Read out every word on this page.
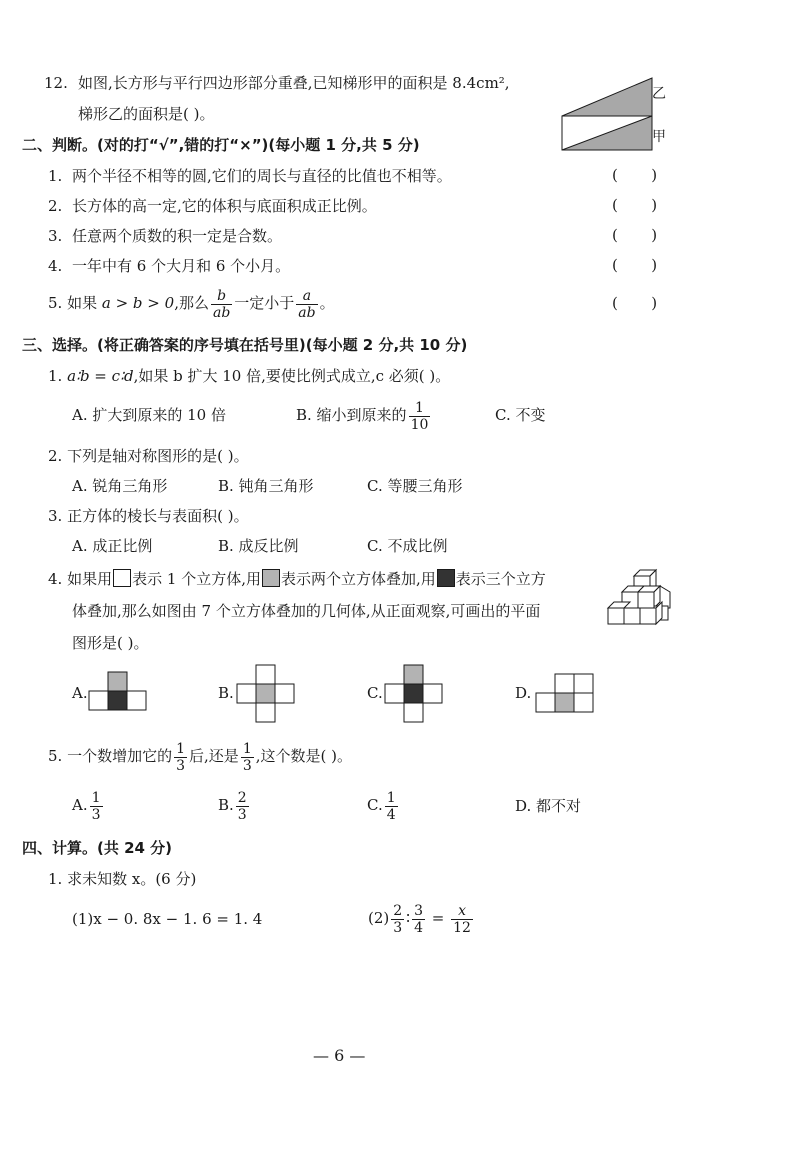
12. 如图,长方形与平行四边形部分重叠,已知梯形甲的面积是 8.4cm²,
梯形乙的面积是( )。
乙
甲
二、判断。(对的打“√”,错的打“×”)(每小题 1 分,共 5 分)
1. 两个半径不相等的圆,它们的周长与直径的比值也不相等。	(       )
2. 长方体的高一定,它的体积与底面积成正比例。	(       )
3. 任意两个质数的积一定是合数。	(       )
4. 一年中有 6 个大月和 6 个小月。	(       )
5. 如果 a > b > 0,那么 $\frac{b}{ab}$ 一定小于 $\frac{a}{ab}$ 。	(       )
三、选择。(将正确答案的序号填在括号里)(每小题 2 分,共 10 分)
1. a∶b = c∶d,如果 b 扩大 10 倍,要使比例式成立,c 必须( )。
A. 扩大到原来的 10 倍	B. 缩小到原来的 $\frac{1}{10}$	C. 不变
2. 下列是轴对称图形的是( )。
A. 锐角三角形	B. 钝角三角形	C. 等腰三角形
3. 正方体的棱长与表面积( )。
A. 成正比例	B. 成反比例	C. 不成比例
4. 如果用 表示 1 个立方体,用 表示两个立方体叠加,用 表示三个立方
体叠加,那么如图由 7 个立方体叠加的几何体,从正面观察,可画出的平面
图形是( )。
A.	B.	C.	D.
5. 一个数增加它的 $\frac{1}{3}$ 后,还是 $\frac{1}{3}$ ,这个数是( )。
A. $\frac{1}{3}$	B. $\frac{2}{3}$	C. $\frac{1}{4}$	D. 都不对
四、计算。(共 24 分)
1. 求未知数 x。(6 分)
(1)x − 0. 8x − 1. 6 = 1. 4	$(2) \frac{2}{3}$ ∶ $\frac{3}{4} = \frac{x}{12}$
— 6 —
